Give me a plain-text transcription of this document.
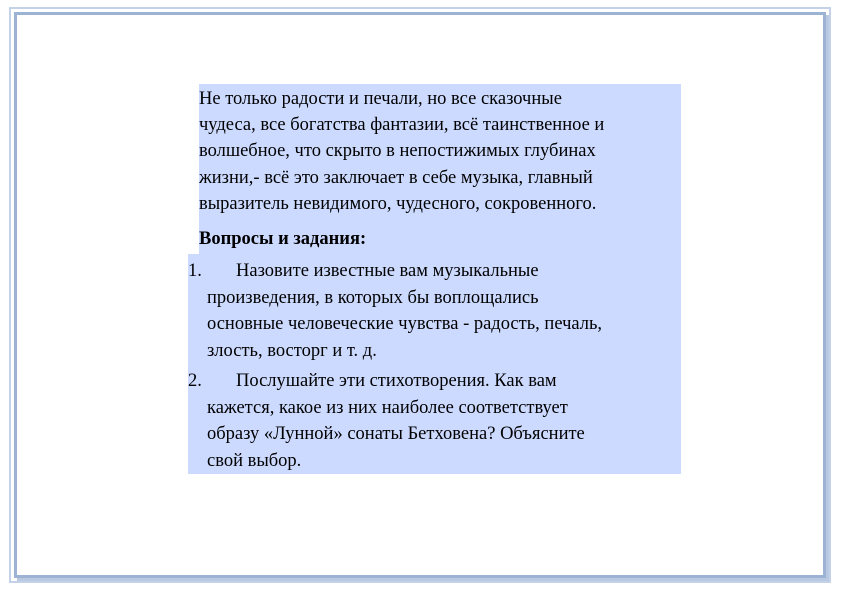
Не только радости и печали, но все сказочные
чудеса, все богатства фантазии, всё таинственное и
волшебное, что скрыто в непостижимых глубинах
жизни,- всё это заключает в себе музыка, главный
выразитель невидимого, чудесного, сокровенного.
Вопросы и задания:
1. Назовите известные вам музыкальные
произведения, в которых бы воплощались
основные человеческие чувства - радость, печаль,
злость, восторг и т. д.
2. Послушайте эти стихотворения. Как вам
кажется, какое из них наиболее соответствует
образу «Лунной» сонаты Бетховена? Объясните
свой выбор.
